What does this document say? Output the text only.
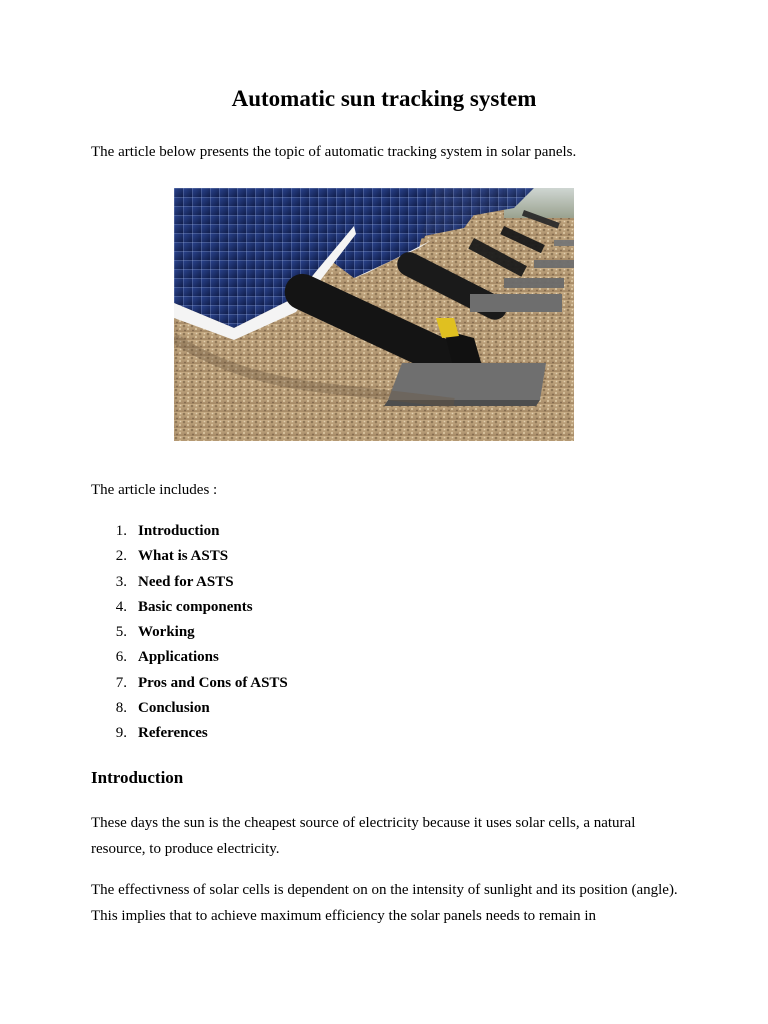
Automatic sun tracking system

The article below presents the topic of automatic tracking system in solar panels.

The article includes :

1. Introduction
2. What is ASTS
3. Need for ASTS
4. Basic components
5. Working
6. Applications
7. Pros and Cons of ASTS
8. Conclusion
9. References
Introduction

These days the sun is the cheapest source of electricity because it uses solar cells, a natural resource, to produce electricity.

The effectivness of solar cells is dependent on on the intensity of sunlight and its position (angle). This implies that to achieve maximum efficiency the solar panels needs to remain in
